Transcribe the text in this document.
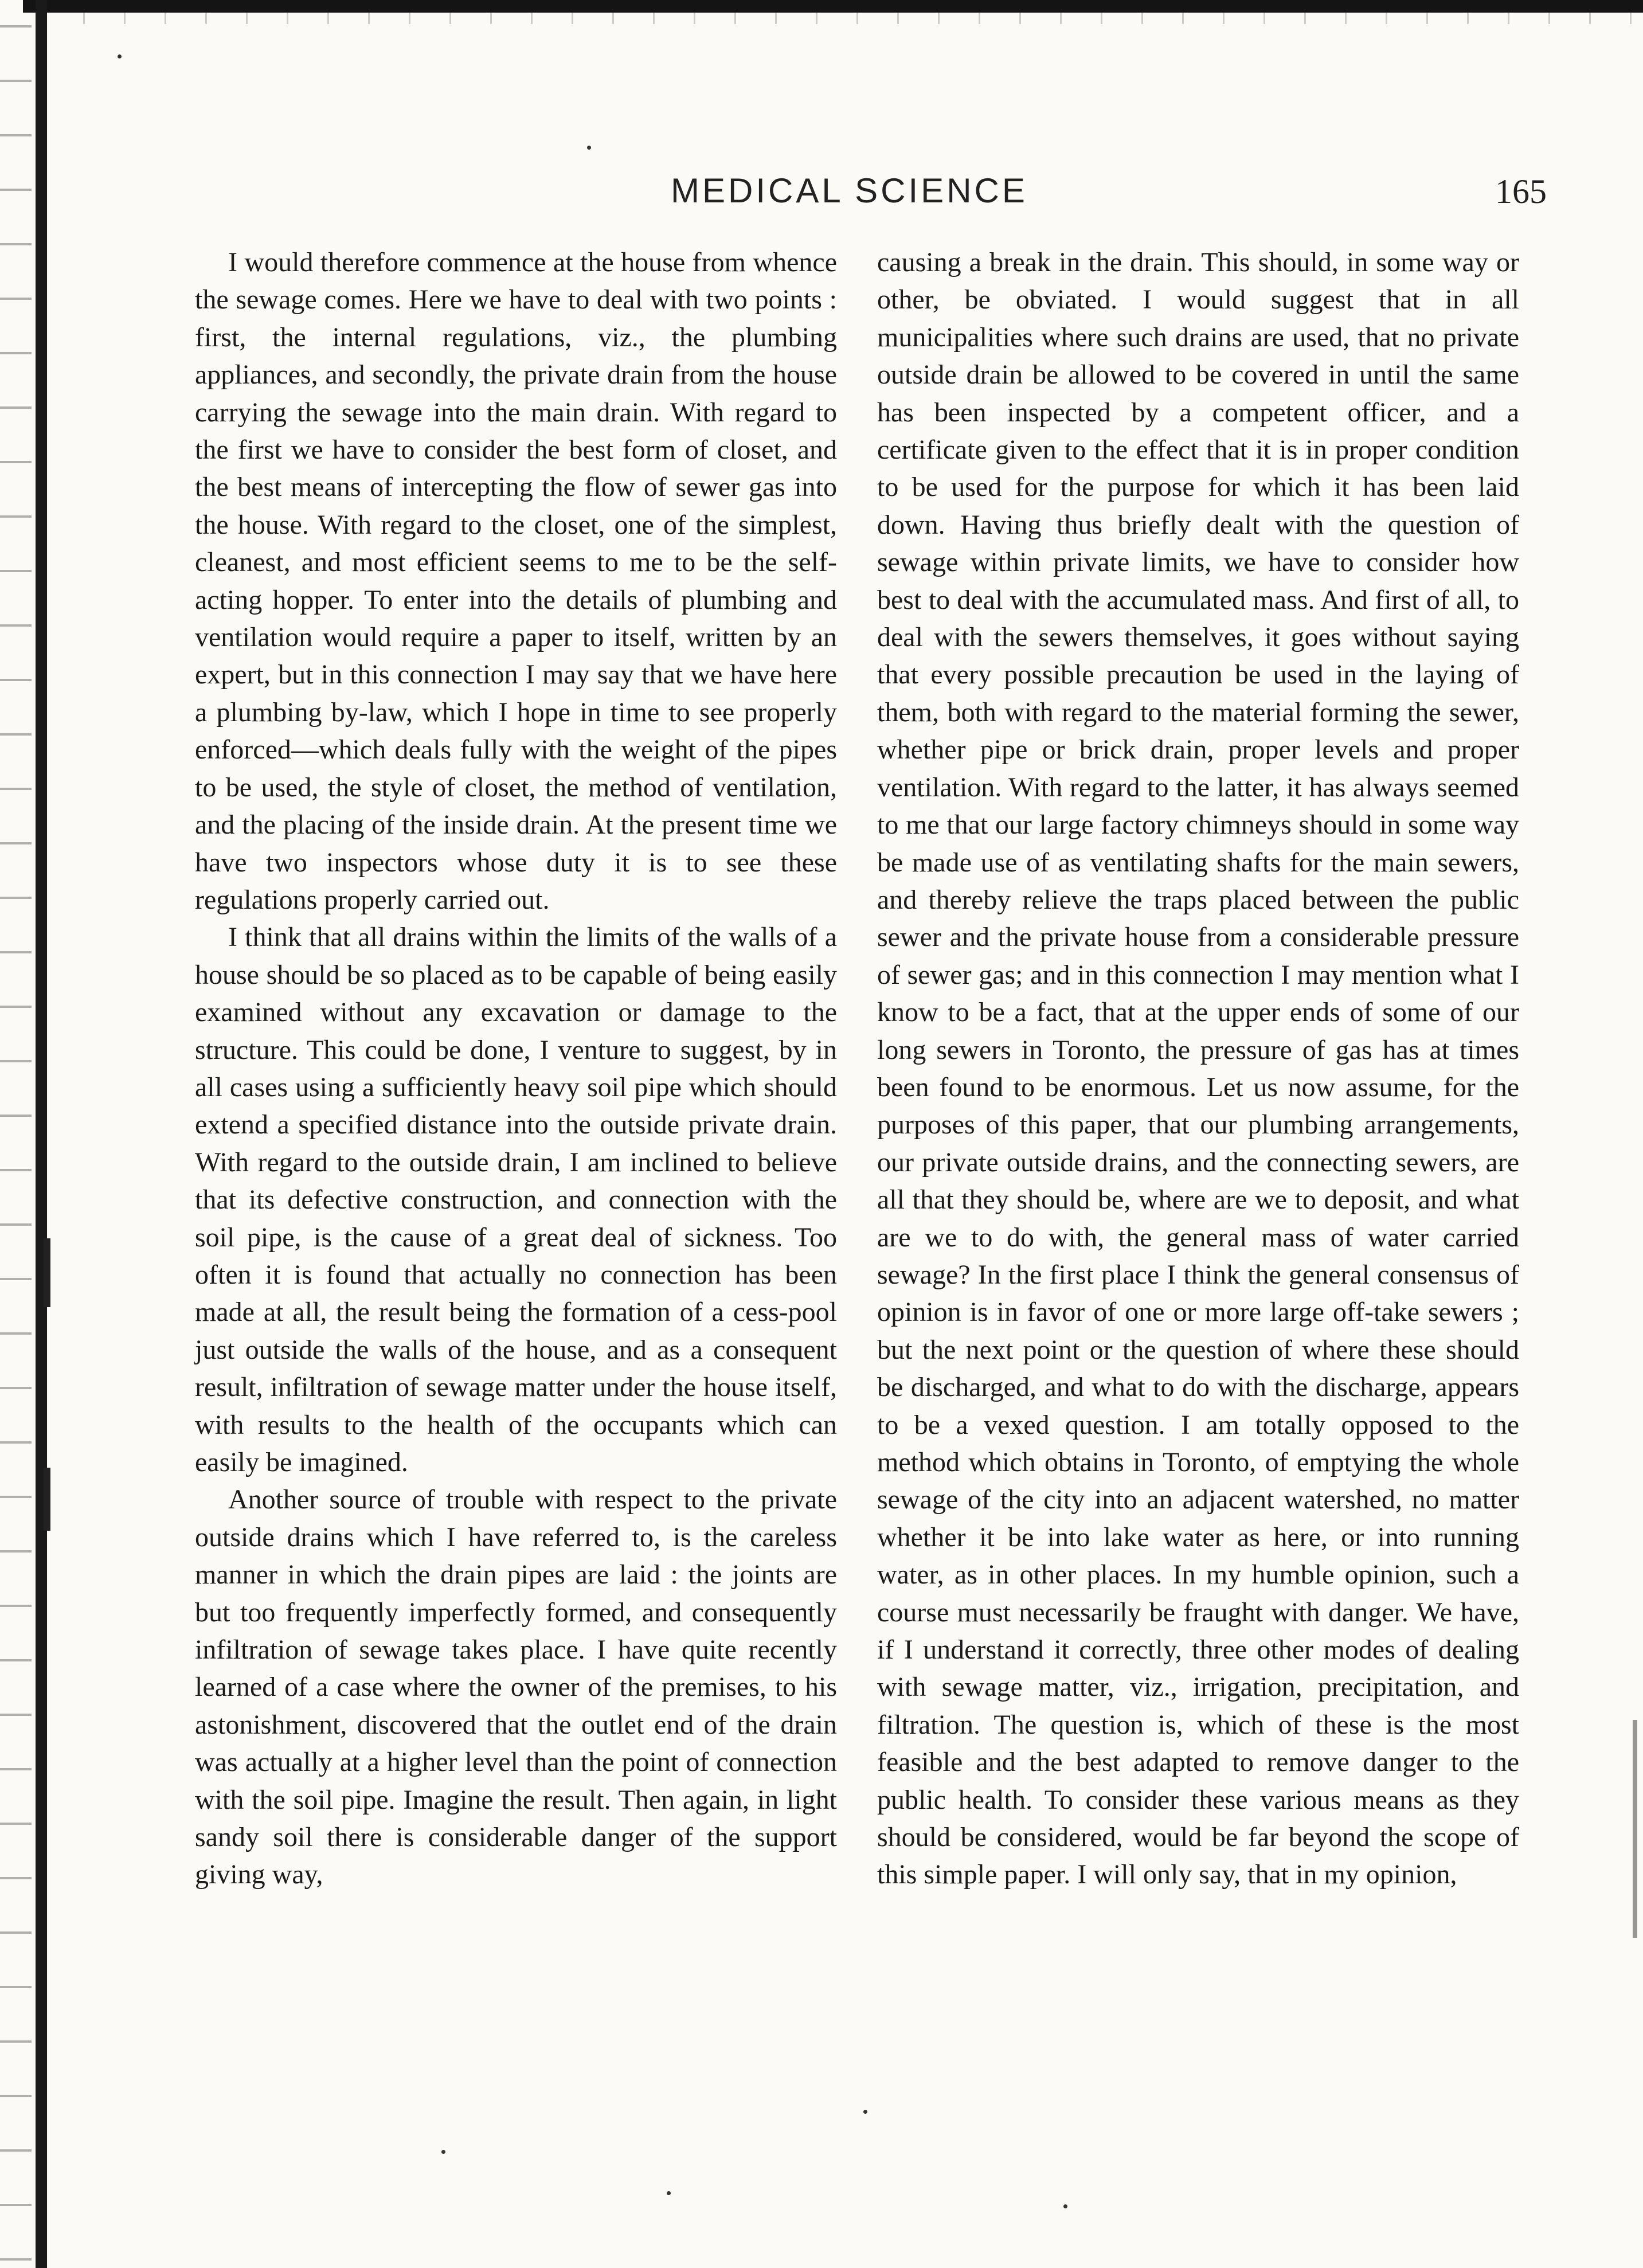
MEDICAL SCIENCE	165

I would therefore commence at the house from whence the sewage comes. Here we have to deal with two points : first, the internal regulations, viz., the plumbing appliances, and secondly, the private drain from the house carrying the sewage into the main drain. With regard to the first we have to consider the best form of closet, and the best means of intercepting the flow of sewer gas into the house. With regard to the closet, one of the simplest, cleanest, and most efficient seems to me to be the self-acting hopper. To enter into the details of plumbing and ventilation would require a paper to itself, written by an expert, but in this connection I may say that we have here a plumbing by-law, which I hope in time to see properly enforced—which deals fully with the weight of the pipes to be used, the style of closet, the method of ventilation, and the placing of the inside drain. At the present time we have two inspectors whose duty it is to see these regulations properly carried out.

I think that all drains within the limits of the walls of a house should be so placed as to be capable of being easily examined without any excavation or damage to the structure. This could be done, I venture to suggest, by in all cases using a sufficiently heavy soil pipe which should extend a specified distance into the outside private drain. With regard to the outside drain, I am inclined to believe that its defective construction, and connection with the soil pipe, is the cause of a great deal of sickness. Too often it is found that actually no connection has been made at all, the result being the formation of a cess-pool just outside the walls of the house, and as a consequent result, infiltration of sewage matter under the house itself, with results to the health of the occupants which can easily be imagined.

Another source of trouble with respect to the private outside drains which I have referred to, is the careless manner in which the drain pipes are laid : the joints are but too frequently imperfectly formed, and consequently infiltration of sewage takes place. I have quite recently learned of a case where the owner of the premises, to his astonishment, discovered that the outlet end of the drain was actually at a higher level than the point of connection with the soil pipe. Imagine the result. Then again, in light sandy soil there is considerable danger of the support giving way,

causing a break in the drain. This should, in some way or other, be obviated. I would suggest that in all municipalities where such drains are used, that no private outside drain be allowed to be covered in until the same has been inspected by a competent officer, and a certificate given to the effect that it is in proper condition to be used for the purpose for which it has been laid down. Having thus briefly dealt with the question of sewage within private limits, we have to consider how best to deal with the accumulated mass. And first of all, to deal with the sewers themselves, it goes without saying that every possible precaution be used in the laying of them, both with regard to the material forming the sewer, whether pipe or brick drain, proper levels and proper ventilation. With regard to the latter, it has always seemed to me that our large factory chimneys should in some way be made use of as ventilating shafts for the main sewers, and thereby relieve the traps placed between the public sewer and the private house from a considerable pressure of sewer gas; and in this connection I may mention what I know to be a fact, that at the upper ends of some of our long sewers in Toronto, the pressure of gas has at times been found to be enormous. Let us now assume, for the purposes of this paper, that our plumbing arrangements, our private outside drains, and the connecting sewers, are all that they should be, where are we to deposit, and what are we to do with, the general mass of water carried sewage? In the first place I think the general consensus of opinion is in favor of one or more large off-take sewers ; but the next point or the question of where these should be discharged, and what to do with the discharge, appears to be a vexed question. I am totally opposed to the method which obtains in Toronto, of emptying the whole sewage of the city into an adjacent watershed, no matter whether it be into lake water as here, or into running water, as in other places. In my humble opinion, such a course must necessarily be fraught with danger. We have, if I understand it correctly, three other modes of dealing with sewage matter, viz., irrigation, precipitation, and filtration. The question is, which of these is the most feasible and the best adapted to remove danger to the public health. To consider these various means as they should be considered, would be far beyond the scope of this simple paper. I will only say, that in my opinion,
